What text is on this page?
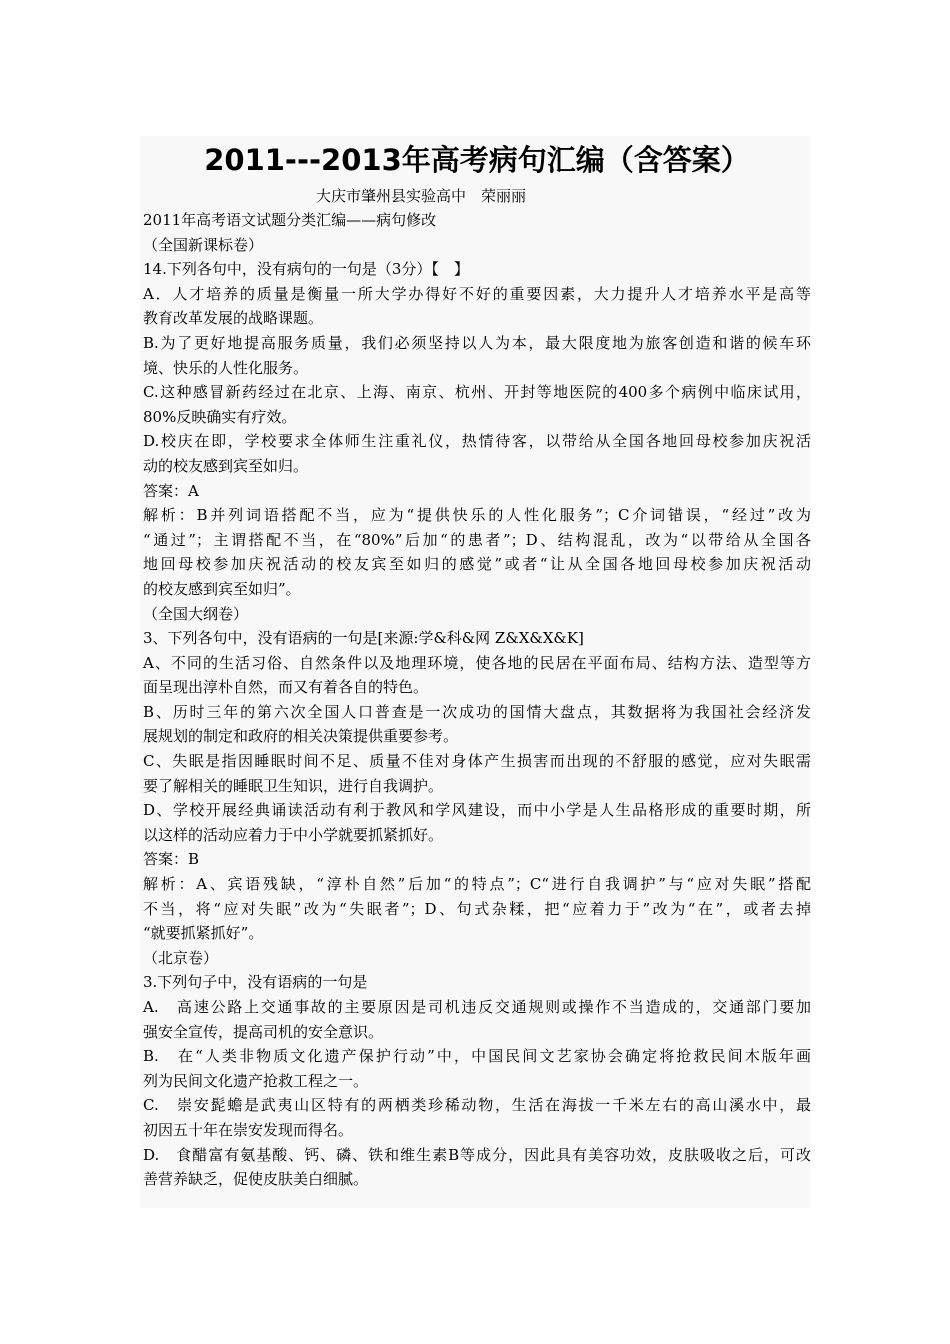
2011---2013年高考病句汇编（含答案）
大庆市肇州县实验高中　荣丽丽
2011年高考语文试题分类汇编——病句修改
（全国新课标卷）
14.下列各句中，没有病句的一句是（3分）【　】
A．人才培养的质量是衡量一所大学办得好不好的重要因素，大力提升人才培养水平是高等
教育改革发展的战略课题。
B.为了更好地提高服务质量，我们必须坚持以人为本，最大限度地为旅客创造和谐的候车环
境、快乐的人性化服务。
C.这种感冒新药经过在北京、上海、南京、杭州、开封等地医院的400多个病例中临床试用，
80%反映确实有疗效。
D.校庆在即，学校要求全体师生注重礼仪，热情待客，以带给从全国各地回母校参加庆祝活
动的校友感到宾至如归。
答案：A
解析：B并列词语搭配不当，应为“提供快乐的人性化服务”；C介词错误，“经过”改为
“通过”；主谓搭配不当，在“80%”后加“的患者”；D、结构混乱，改为“以带给从全国各
地回母校参加庆祝活动的校友宾至如归的感觉”或者“让从全国各地回母校参加庆祝活动
的校友感到宾至如归”。
（全国大纲卷）
3、下列各句中，没有语病的一句是[来源:学&科&网 Z&X&X&K]
A、不同的生活习俗、自然条件以及地理环境，使各地的民居在平面布局、结构方法、造型等方
面呈现出淳朴自然，而又有着各自的特色。
B、历时三年的第六次全国人口普查是一次成功的国情大盘点，其数据将为我国社会经济发
展规划的制定和政府的相关决策提供重要参考。
C、失眠是指因睡眠时间不足、质量不佳对身体产生损害而出现的不舒服的感觉，应对失眠需
要了解相关的睡眠卫生知识，进行自我调护。
D、学校开展经典诵读活动有利于教风和学风建设，而中小学是人生品格形成的重要时期，所
以这样的活动应着力于中小学就要抓紧抓好。
答案：B
解析：A、宾语残缺，“淳朴自然”后加“的特点”；C“进行自我调护”与“应对失眠”搭配
不当，将“应对失眠”改为“失眠者”；D、句式杂糅，把“应着力于”改为“在”，或者去掉
“就要抓紧抓好”。
（北京卷）
3.下列句子中，没有语病的一句是
A.　高速公路上交通事故的主要原因是司机违反交通规则或操作不当造成的，交通部门要加
强安全宣传，提高司机的安全意识。
B.　在“人类非物质文化遗产保护行动”中，中国民间文艺家协会确定将抢救民间木版年画
列为民间文化遗产抢救工程之一。
C.　崇安髭蟾是武夷山区特有的两栖类珍稀动物，生活在海拔一千米左右的高山溪水中，最
初因五十年在崇安发现而得名。
D.　食醋富有氨基酸、钙、磷、铁和维生素B等成分，因此具有美容功效，皮肤吸收之后，可改
善营养缺乏，促使皮肤美白细腻。
